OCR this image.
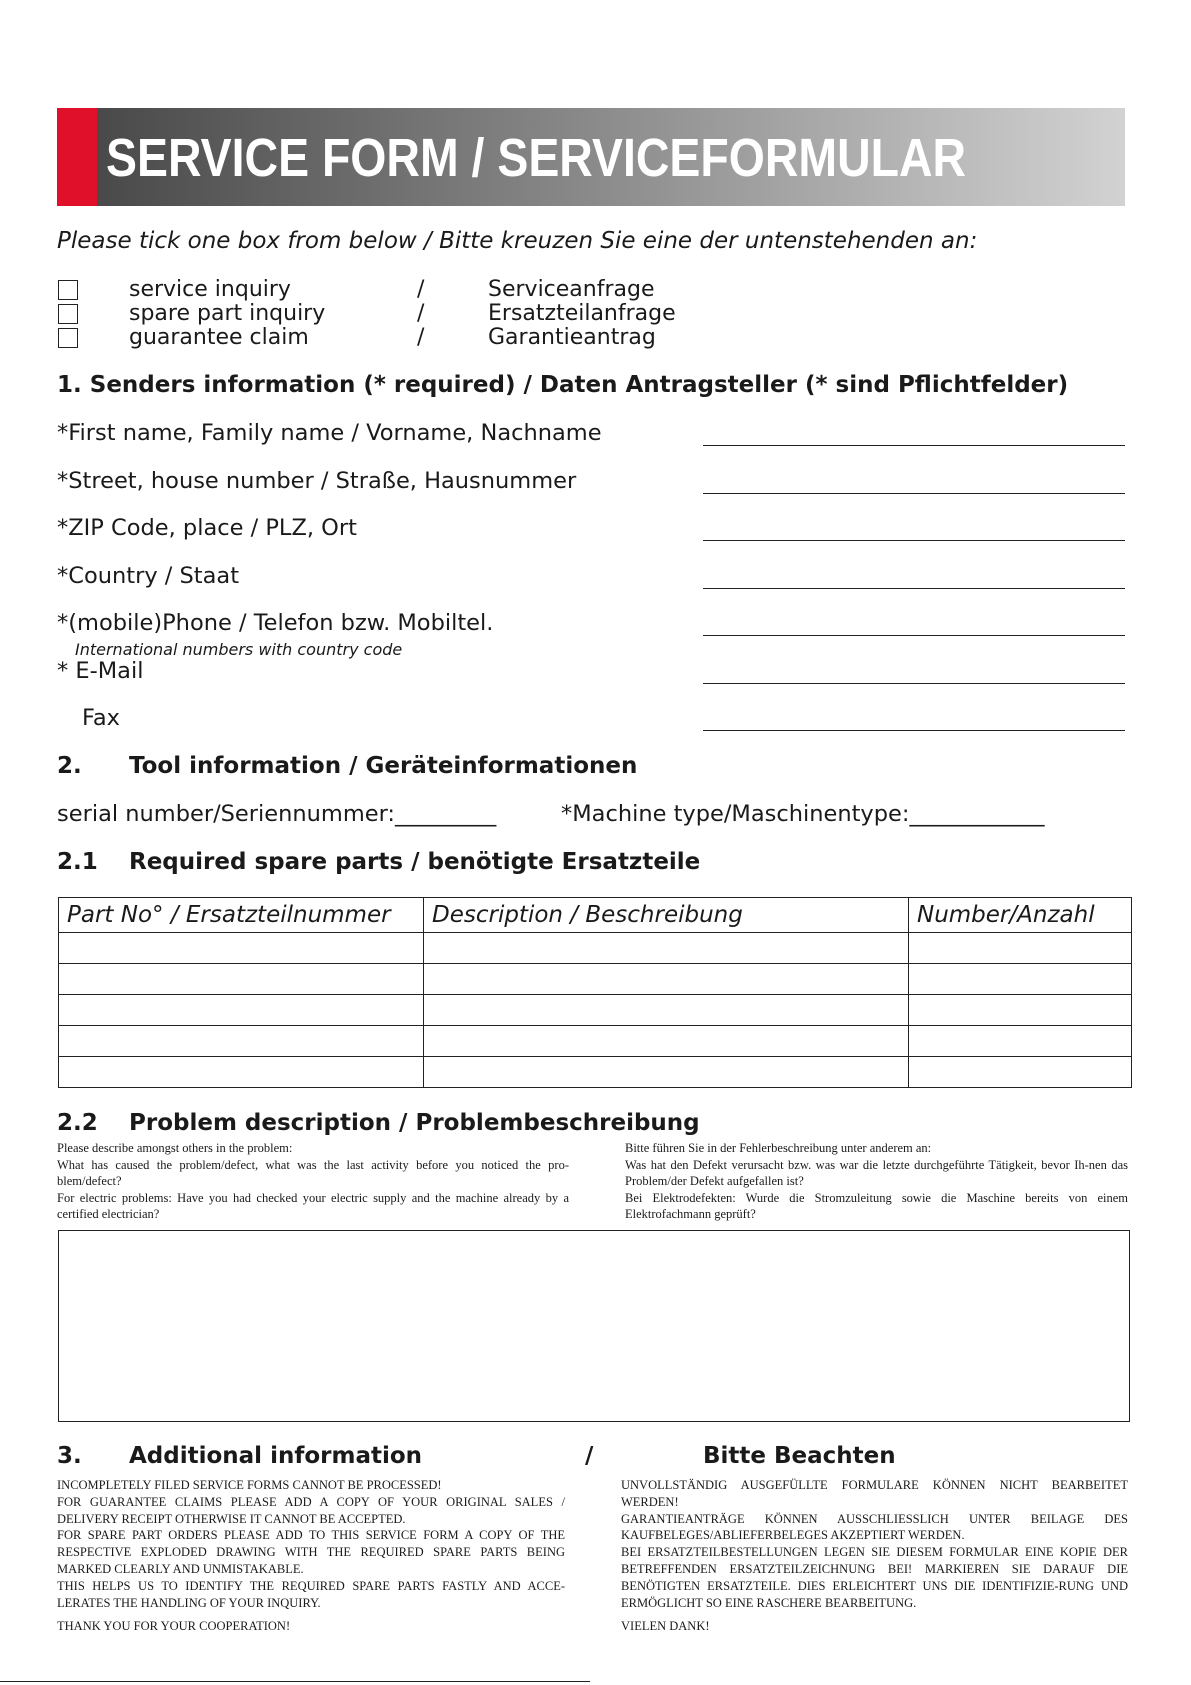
SERVICE FORM / SERVICEFORMULAR
Please tick one box from below / Bitte kreuzen Sie eine der untenstehenden an:
service inquiry	/	Serviceanfrage
spare part inquiry	/	Ersatzteilanfrage
guarantee claim	/	Garantieantrag
1. Senders information (* required) / Daten Antragsteller (* sind Pflichtfelder)
*First name, Family name / Vorname, Nachname
*Street, house number / Straße, Hausnummer
*ZIP Code, place / PLZ, Ort
*Country / Staat
*(mobile)Phone / Telefon bzw. Mobiltel.
International numbers with country code
* E-Mail
Fax
2. Tool information / Geräteinformationen
serial number/Seriennummer:_________	*Machine type/Maschinentype:____________
2.1 Required spare parts / benötigte Ersatzteile
Part No° / Ersatzteilnummer	Description / Beschreibung	Number/Anzahl

2.2 Problem description / Problembeschreibung
Please describe amongst others in the problem:
What has caused the problem/defect, what was the last activity before you noticed the pro-blem/defect?
For electric problems: Have you had checked your electric supply and the machine already by a certified electrician?
Bitte führen Sie in der Fehlerbeschreibung unter anderem an:
Was hat den Defekt verursacht bzw. was war die letzte durchgeführte Tätigkeit, bevor Ih-nen das Problem/der Defekt aufgefallen ist?
Bei Elektrodefekten: Wurde die Stromzuleitung sowie die Maschine bereits von einem Elektrofachmann geprüft?
3. Additional information	/	Bitte Beachten
INCOMPLETELY FILED SERVICE FORMS CANNOT BE PROCESSED!
FOR GUARANTEE CLAIMS PLEASE ADD A COPY OF YOUR ORIGINAL SALES / DELIVERY RECEIPT OTHERWISE IT CANNOT BE ACCEPTED.
FOR SPARE PART ORDERS PLEASE ADD TO THIS SERVICE FORM A COPY OF THE RESPECTIVE EXPLODED DRAWING WITH THE REQUIRED SPARE PARTS BEING MARKED CLEARLY AND UNMISTAKABLE.
THIS HELPS US TO IDENTIFY THE REQUIRED SPARE PARTS FASTLY AND ACCE-LERATES THE HANDLING OF YOUR INQUIRY.
THANK YOU FOR YOUR COOPERATION!
UNVOLLSTÄNDIG AUSGEFÜLLTE FORMULARE KÖNNEN NICHT BEARBEITET WERDEN!
GARANTIEANTRÄGE KÖNNEN AUSSCHLIESSLICH UNTER BEILAGE DES KAUFBELEGES/ABLIEFERBELEGES AKZEPTIERT WERDEN.
BEI ERSATZTEILBESTELLUNGEN LEGEN SIE DIESEM FORMULAR EINE KOPIE DER BETREFFENDEN ERSATZTEILZEICHNUNG BEI! MARKIEREN SIE DARAUF DIE BENÖTIGTEN ERSATZTEILE. DIES ERLEICHTERT UNS DIE IDENTIFIZIE-RUNG UND ERMÖGLICHT SO EINE RASCHERE BEARBEITUNG.
VIELEN DANK!
